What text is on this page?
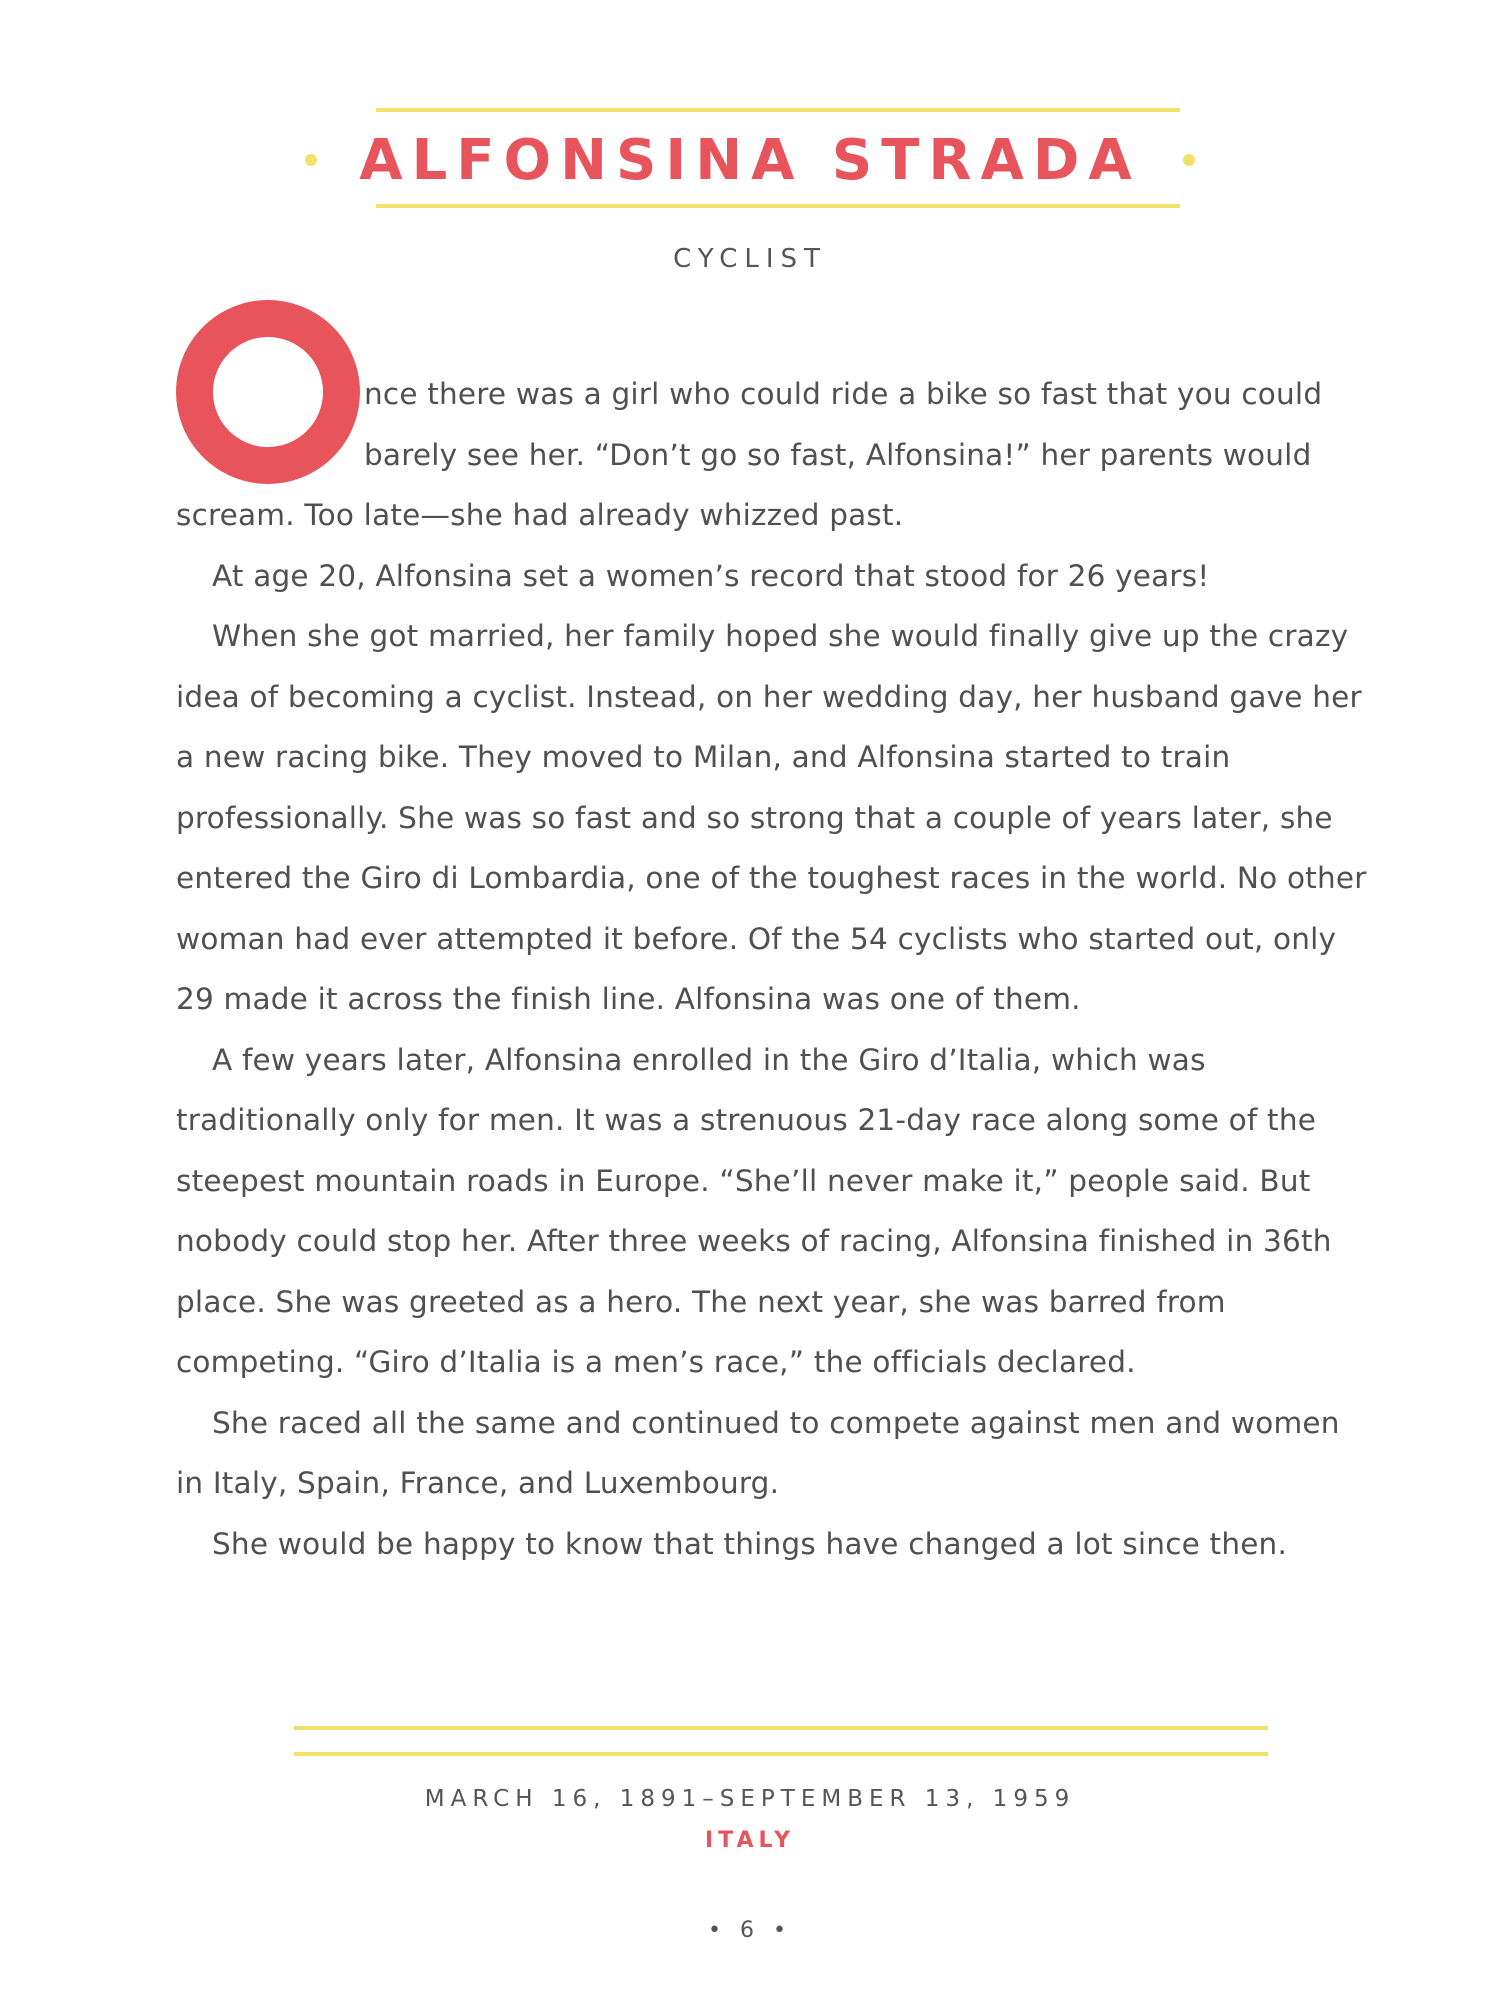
ALFONSINA STRADA
CYCLIST

nce there was a girl who could ride a bike so fast that you could barely see her. “Don’t go so fast, Alfonsina!” her parents would scream. Too late—she had already whizzed past.

At age 20, Alfonsina set a women’s record that stood for 26 years!

When she got married, her family hoped she would finally give up the crazy idea of becoming a cyclist. Instead, on her wedding day, her husband gave her a new racing bike. They moved to Milan, and Alfonsina started to train professionally. She was so fast and so strong that a couple of years later, she entered the Giro di Lombardia, one of the toughest races in the world. No other woman had ever attempted it before. Of the 54 cyclists who started out, only 29 made it across the finish line. Alfonsina was one of them.

A few years later, Alfonsina enrolled in the Giro d’Italia, which was traditionally only for men. It was a strenuous 21-day race along some of the steepest mountain roads in Europe. “She’ll never make it,” people said. But nobody could stop her. After three weeks of racing, Alfonsina finished in 36th place. She was greeted as a hero. The next year, she was barred from competing. “Giro d’Italia is a men’s race,” the officials declared.

She raced all the same and continued to compete against men and women in Italy, Spain, France, and Luxembourg.

She would be happy to know that things have changed a lot since then.

MARCH 16, 1891–SEPTEMBER 13, 1959
ITALY
• 6 •
